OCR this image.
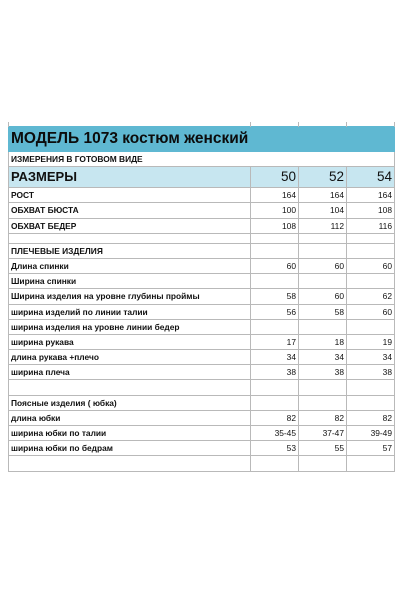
МОДЕЛЬ 1073 костюм женский			
ИЗМЕРЕНИЯ В ГОТОВОМ ВИДЕ			
РАЗМЕРЫ	50	52	54
РОСТ	164	164	164
ОБХВАТ БЮСТА	100	104	108
ОБХВАТ БЕДЕР	108	112	116

ПЛЕЧЕВЫЕ ИЗДЕЛИЯ			
Длина спинки	60	60	60
Ширина спинки			
Ширина изделия на уровне глубины проймы	58	60	62
ширина изделий по линии талии	56	58	60
ширина изделия на уровне линии бедер			
ширина рукава	17	18	19
длина рукава +плечо	34	34	34
ширина плеча	38	38	38

Поясные изделия ( юбка)			
длина юбки	82	82	82
ширина юбки по талии	35-45	37-47	39-49
ширина юбки по бедрам	53	55	57
